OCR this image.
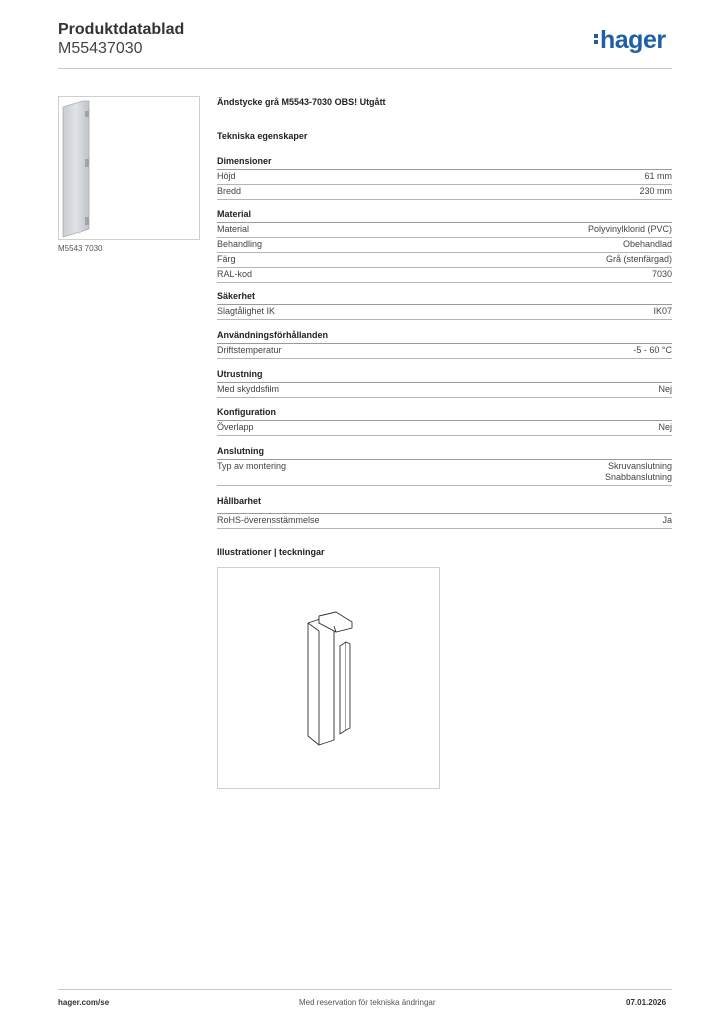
Produktdatablad
M55437030	hager
M5543 7030
Ändstycke grå M5543-7030 OBS! Utgått
Tekniska egenskaper
Dimensioner
Höjd	61 mm
Bredd	230 mm
Material
Material	Polyvinylklorid (PVC)
Behandling	Obehandlad
Färg	Grå (stenfärgad)
RAL-kod	7030
Säkerhet
Slagtålighet IK	IK07
Användningsförhållanden
Driftstemperatur	-5 - 60 °C
Utrustning
Med skyddsfilm	Nej
Konfiguration
Överlapp	Nej
Anslutning
Typ av montering	Skruvanslutning
Snabbanslutning
Hållbarhet
RoHS-överensstämmelse	Ja
Illustrationer | teckningar
hager.com/se	Med reservation för tekniska ändringar	07.01.2026
